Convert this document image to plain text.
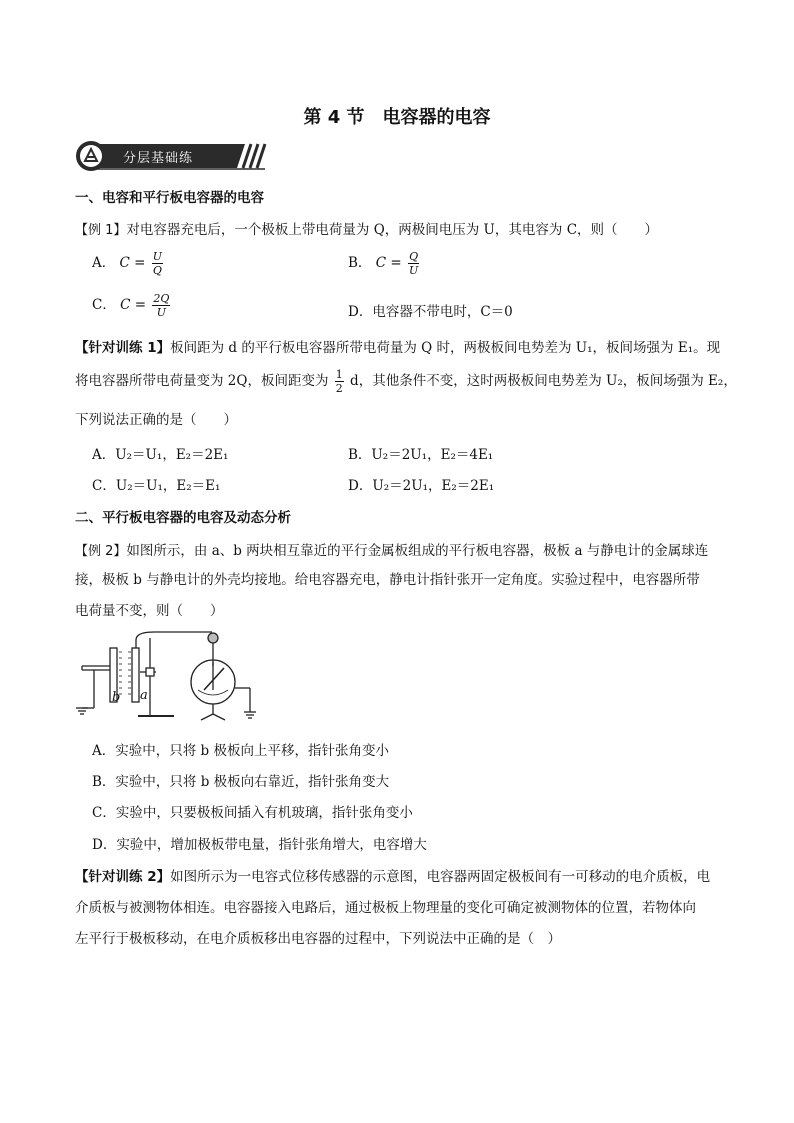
第 4 节　电容器的电容
分层基础练
一、电容和平行板电容器的电容
【例 1】对电容器充电后，一个极板上带电荷量为 Q，两极间电压为 U，其电容为 C，则（　　）
A． $C = \frac{U}{Q}$	B． $C = \frac{Q}{U}$
C． $C = \frac{2Q}{U}$	D．电容器不带电时，C＝0
【针对训练 1】板间距为 d 的平行板电容器所带电荷量为 Q 时，两极板间电势差为 U₁，板间场强为 E₁。现
将电容器所带电荷量变为 2Q，板间距变为 $\frac{1}{2}$ d，其他条件不变，这时两极板间电势差为 U₂，板间场强为 E₂，
下列说法正确的是（　　）
A．U₂＝U₁，E₂＝2E₁	B．U₂＝2U₁，E₂＝4E₁
C．U₂＝U₁，E₂＝E₁	D．U₂＝2U₁，E₂＝2E₁
二、平行板电容器的电容及动态分析
【例 2】如图所示，由 a、b 两块相互靠近的平行金属板组成的平行板电容器，极板 a 与静电计的金属球连
接，极板 b 与静电计的外壳均接地。给电容器充电，静电计指针张开一定角度。实验过程中，电容器所带
电荷量不变，则（　　）
b a
A．实验中，只将 b 极板向上平移，指针张角变小
B．实验中，只将 b 极板向右靠近，指针张角变大
C．实验中，只要极板间插入有机玻璃，指针张角变小
D．实验中，增加极板带电量，指针张角增大，电容增大
【针对训练 2】如图所示为一电容式位移传感器的示意图，电容器两固定极板间有一可移动的电介质板，电
介质板与被测物体相连。电容器接入电路后，通过极板上物理量的变化可确定被测物体的位置，若物体向
左平行于极板移动，在电介质板移出电容器的过程中，下列说法中正确的是（　）
